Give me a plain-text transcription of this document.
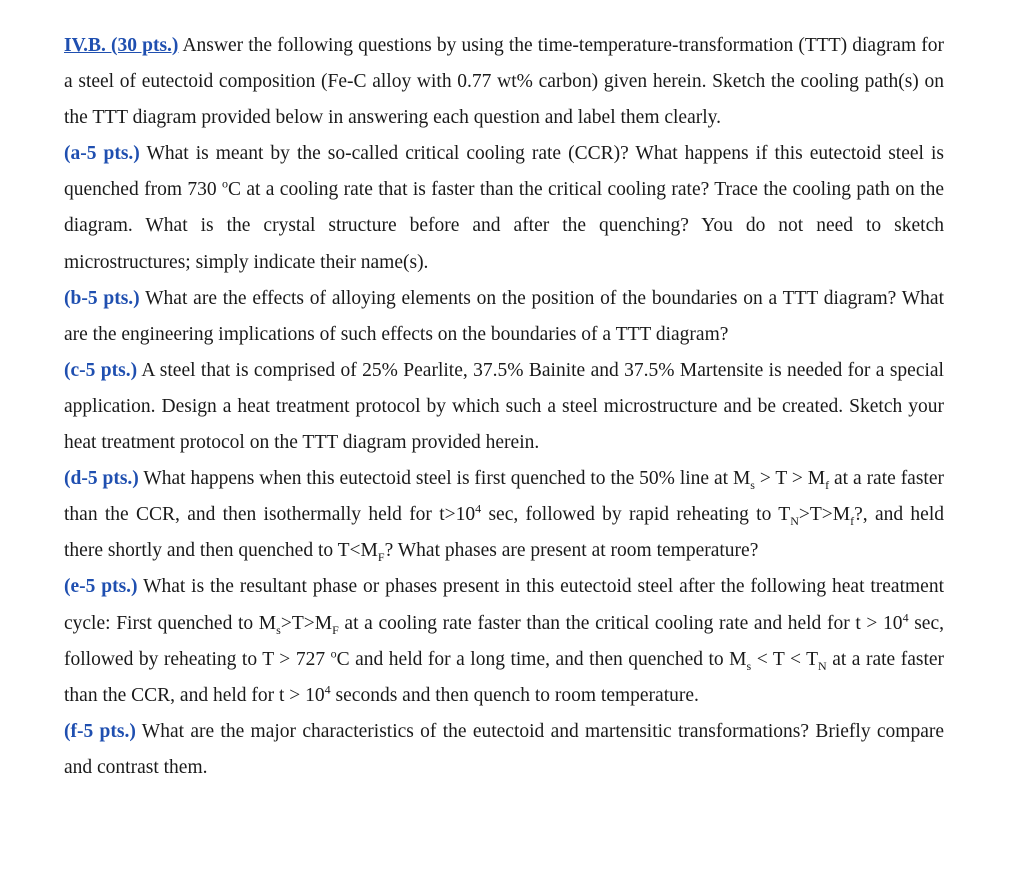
IV.B. (30 pts.) Answer the following questions by using the time-temperature-transformation (TTT) diagram for a steel of eutectoid composition (Fe-C alloy with 0.77 wt% carbon) given herein. Sketch the cooling path(s) on the TTT diagram provided below in answering each question and label them clearly.

(a-5 pts.) What is meant by the so-called critical cooling rate (CCR)? What happens if this eutectoid steel is quenched from 730 $^o$C at a cooling rate that is faster than the critical cooling rate? Trace the cooling path on the diagram. What is the crystal structure before and after the quenching? You do not need to sketch microstructures; simply indicate their name(s).

(b-5 pts.) What are the effects of alloying elements on the position of the boundaries on a TTT diagram? What are the engineering implications of such effects on the boundaries of a TTT diagram?

(c-5 pts.) A steel that is comprised of 25% Pearlite, 37.5% Bainite and 37.5% Martensite is needed for a special application. Design a heat treatment protocol by which such a steel microstructure and be created. Sketch your heat treatment protocol on the TTT diagram provided herein.

(d-5 pts.) What happens when this eutectoid steel is first quenched to the 50% line at $M_s > T > M_f$ at a rate faster than the CCR, and then isothermally held for $t>10^4$ sec, followed by rapid reheating to $T_N>T>M_f$?, and held there shortly and then quenched to $T<M_F$? What phases are present at room temperature?

(e-5 pts.) What is the resultant phase or phases present in this eutectoid steel after the following heat treatment cycle: First quenched to $M_s>T>M_F$ at a cooling rate faster than the critical cooling rate and held for $t > 10^4$ sec, followed by reheating to T > 727 $^o$C and held for a long time, and then quenched to $M_s < T < T_N$ at a rate faster than the CCR, and held for $t > 10^4$ seconds and then quench to room temperature.

(f-5 pts.) What are the major characteristics of the eutectoid and martensitic transformations? Briefly compare and contrast them.
